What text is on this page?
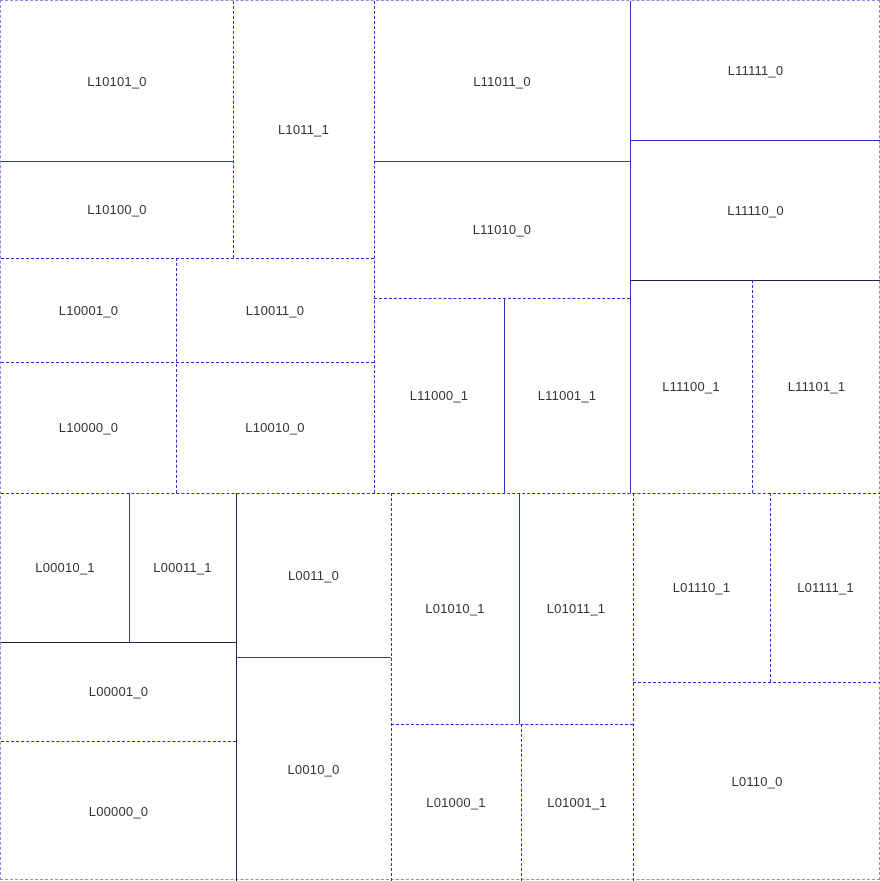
L10101_0
L10100_0
L1011_1
L10001_0	L10011_0
L10000_0	L10010_0
L11011_0
L11010_0
L11000_1	L11001_1
L11111_0
L11110_0
L11100_1	L11101_1
L00010_1	L00011_1
L00001_0
L00000_0
L0011_0
L0010_0
L01010_1	L01011_1
L01000_1	L01001_1
L01110_1	L01111_1
L0110_0
